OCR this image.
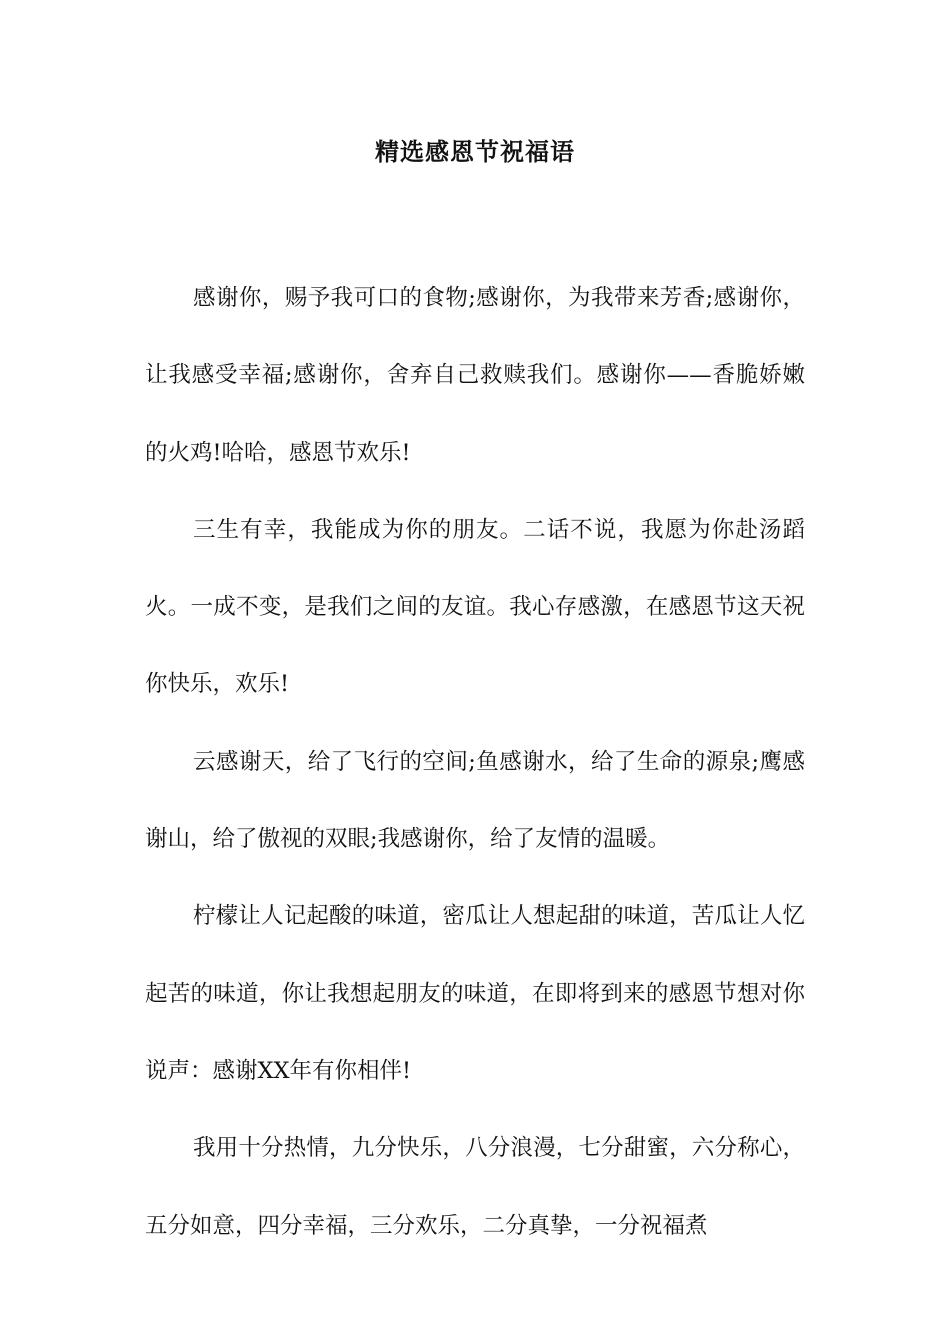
精选感恩节祝福语

感谢你，赐予我可口的食物;感谢你，为我带来芳香;感谢你，让我感受幸福;感谢你，舍弃自己救赎我们。感谢你——香脆娇嫩的火鸡!哈哈，感恩节欢乐!

三生有幸，我能成为你的朋友。二话不说，我愿为你赴汤蹈火。一成不变，是我们之间的友谊。我心存感激，在感恩节这天祝你快乐，欢乐!

云感谢天，给了飞行的空间;鱼感谢水，给了生命的源泉;鹰感谢山，给了傲视的双眼;我感谢你，给了友情的温暖。

柠檬让人记起酸的味道，密瓜让人想起甜的味道，苦瓜让人忆起苦的味道，你让我想起朋友的味道，在即将到来的感恩节想对你说声：感谢XX年有你相伴!

我用十分热情，九分快乐，八分浪漫，七分甜蜜，六分称心，五分如意，四分幸福，三分欢乐，二分真挚，一分祝福煮
